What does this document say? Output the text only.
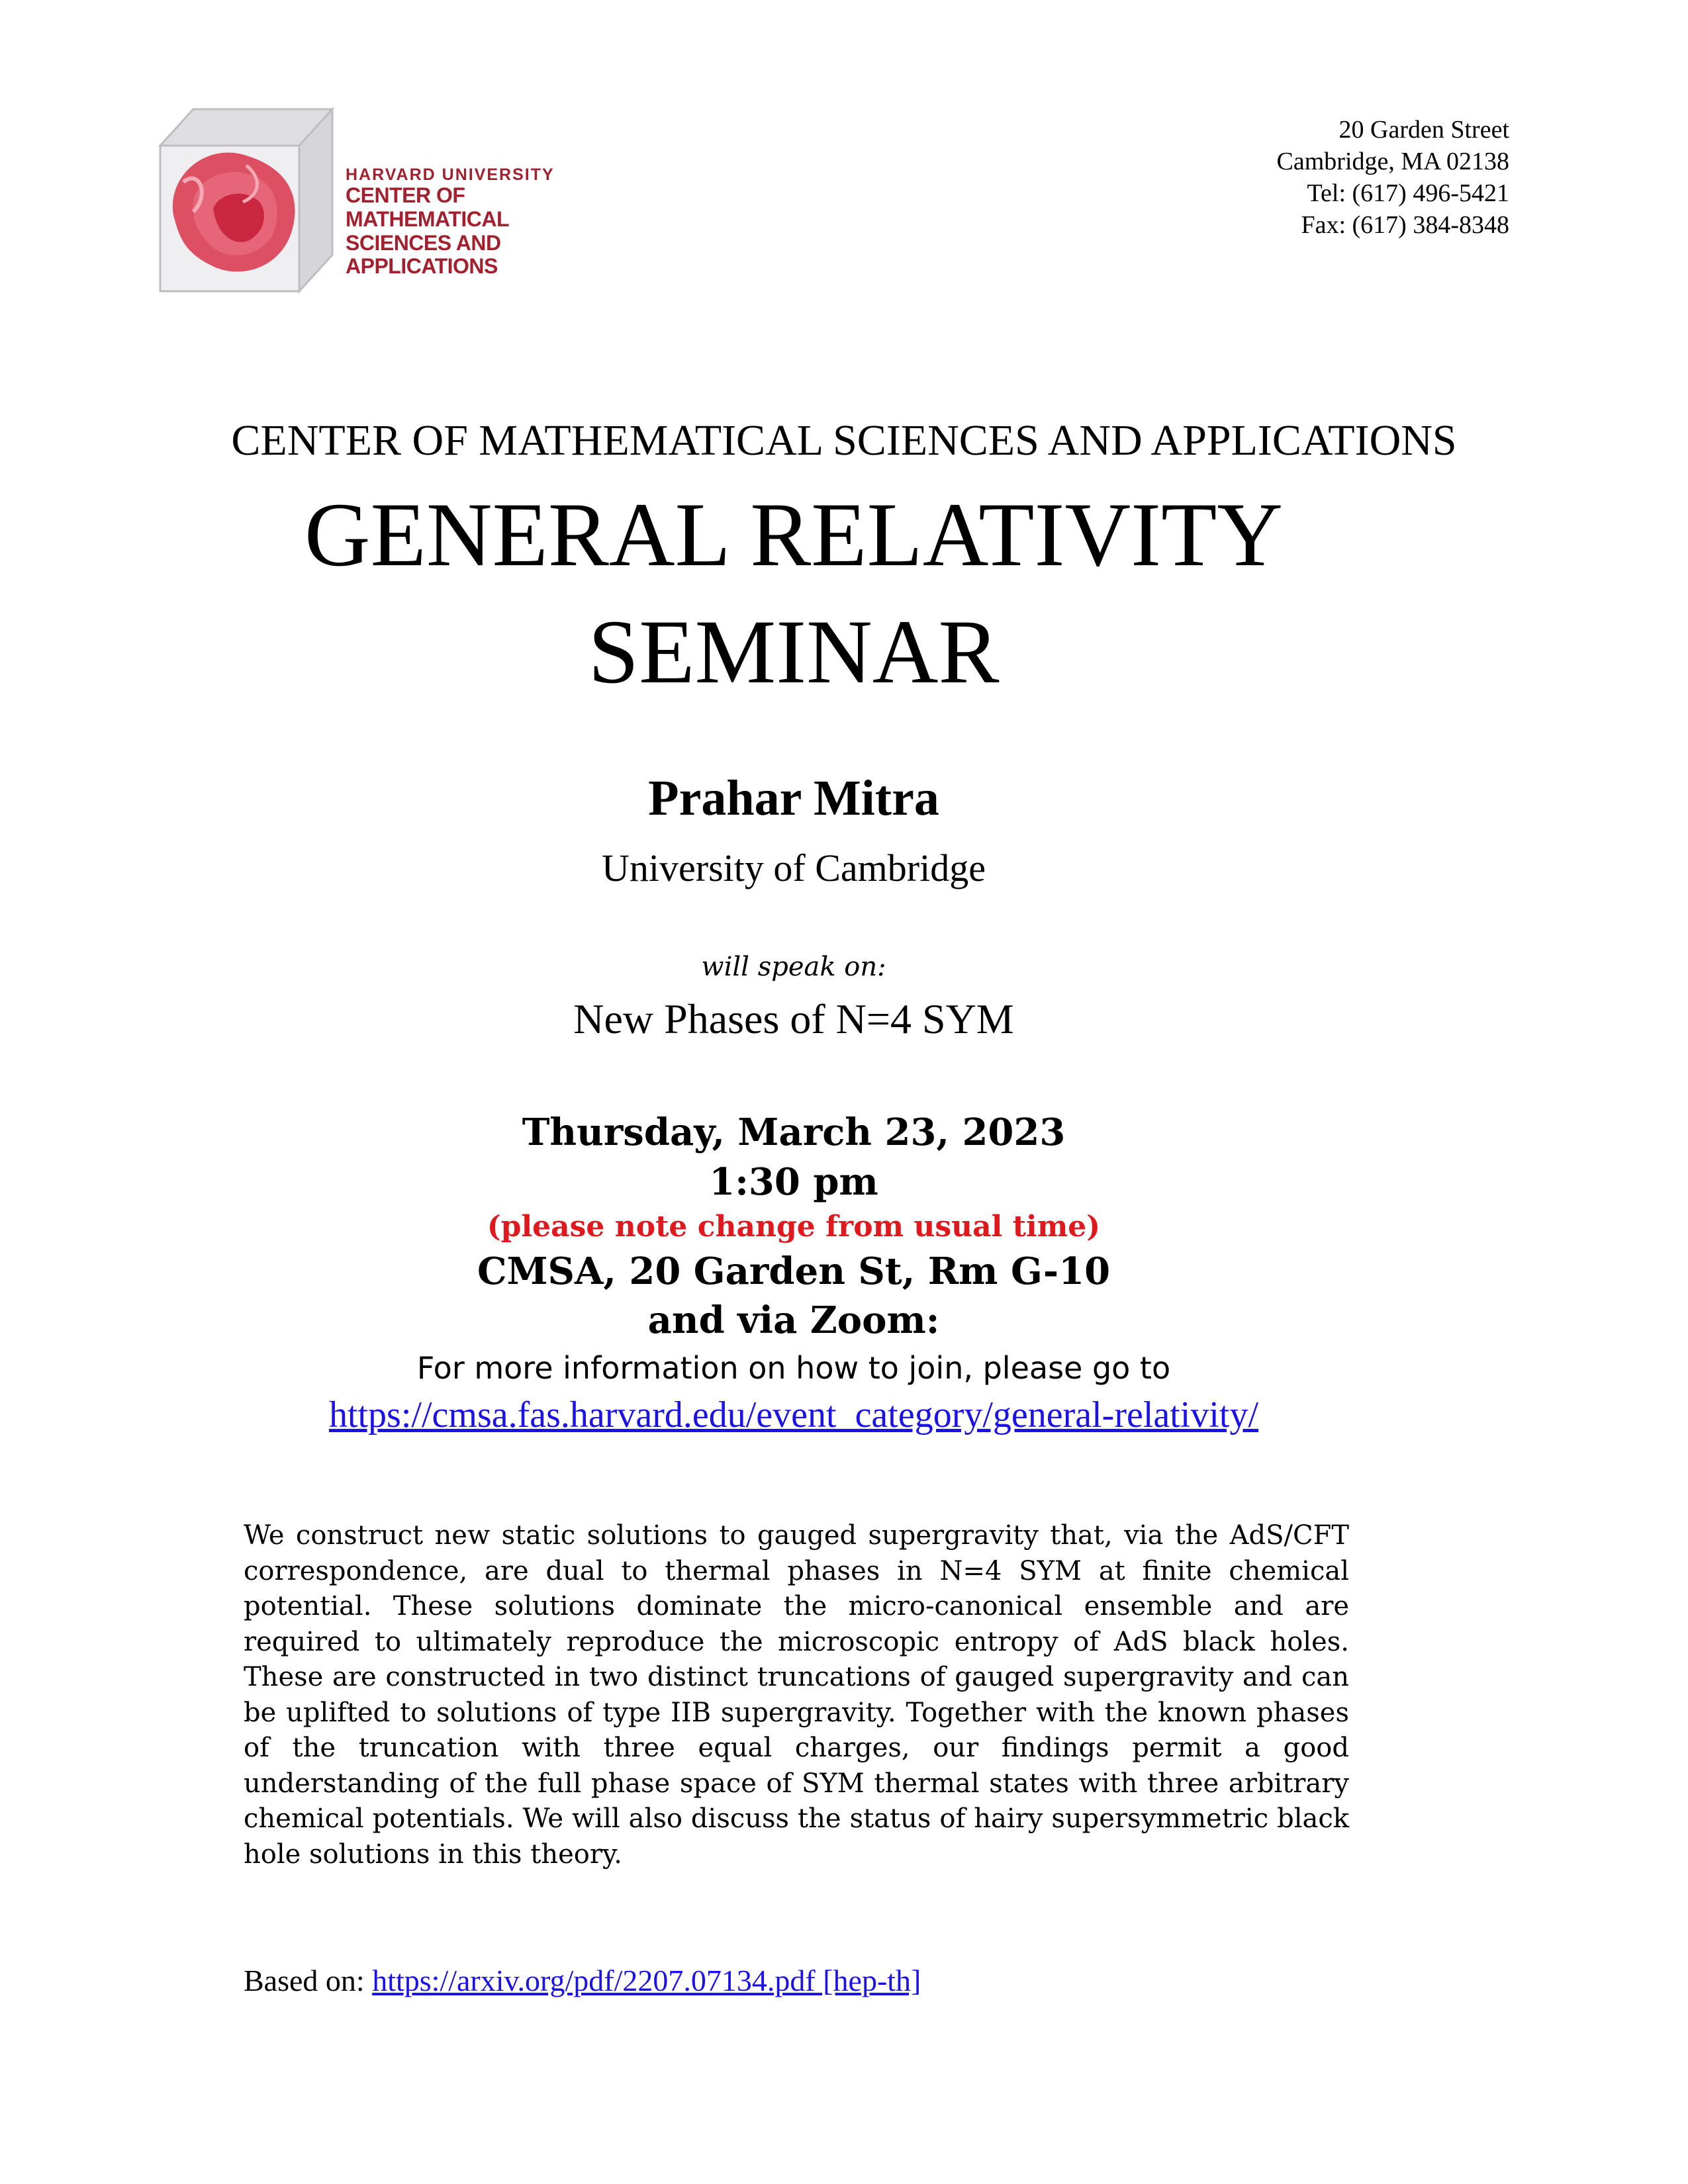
HARVARD UNIVERSITY
CENTER OF MATHEMATICAL
SCIENCES AND APPLICATIONS
20 Garden Street
Cambridge, MA 02138
Tel: (617) 496-5421
Fax: (617) 384-8348
CENTER OF MATHEMATICAL SCIENCES AND APPLICATIONS
GENERAL RELATIVITY
SEMINAR
Prahar Mitra
University of Cambridge
will speak on:
New Phases of N=4 SYM
Thursday, March 23, 2023
1:30 pm
(please note change from usual time)
CMSA, 20 Garden St, Rm G-10
and via Zoom:
For more information on how to join, please go to
https://cmsa.fas.harvard.edu/event_category/general-relativity/
We construct new static solutions to gauged supergravity that, via the AdS/CFT correspondence, are dual to thermal phases in N=4 SYM at finite chemical potential. These solutions dominate the micro-canonical ensemble and are required to ultimately reproduce the microscopic entropy of AdS black holes. These are constructed in two distinct truncations of gauged supergravity and can be uplifted to solutions of type IIB supergravity. Together with the known phases of the truncation with three equal charges, our findings permit a good understanding of the full phase space of SYM thermal states with three arbitrary chemical potentials. We will also discuss the status of hairy supersymmetric black hole solutions in this theory.
Based on: https://arxiv.org/pdf/2207.07134.pdf [hep-th]
